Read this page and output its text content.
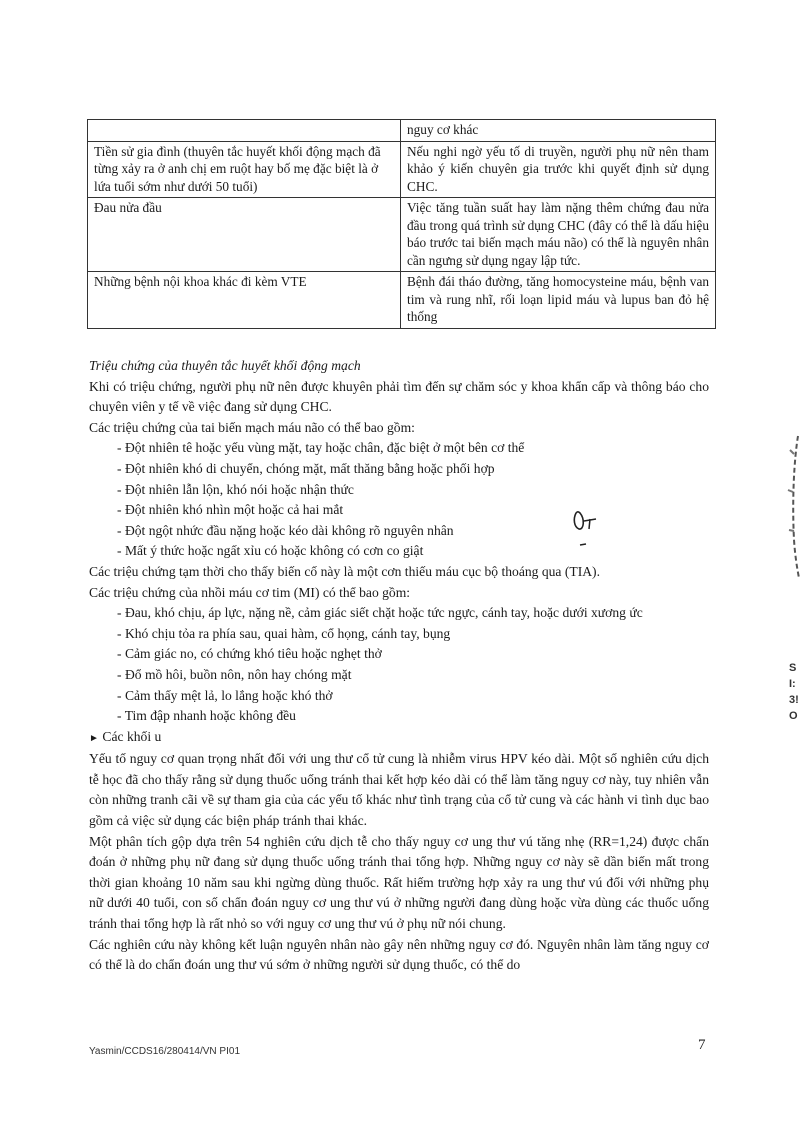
	nguy cơ khác
Tiền sử gia đình (thuyên tắc huyết khối động mạch đã từng xảy ra ở anh chị em ruột hay bố mẹ đặc biệt là ở lứa tuổi sớm như dưới 50 tuổi)	Nếu nghi ngờ yếu tố di truyền, người phụ nữ nên tham khảo ý kiến chuyên gia trước khi quyết định sử dụng CHC.
Đau nửa đầu	Việc tăng tuần suất hay làm nặng thêm chứng đau nửa đầu trong quá trình sử dụng CHC (đây có thể là dấu hiệu báo trước tai biến mạch máu não) có thể là nguyên nhân cần ngưng sử dụng ngay lập tức.
Những bệnh nội khoa khác đi kèm VTE	Bệnh đái tháo đường, tăng homocysteine máu, bệnh van tim và rung nhĩ, rối loạn lipid máu và lupus ban đỏ hệ thống

Triệu chứng của thuyên tắc huyết khối động mạch

Khi có triệu chứng, người phụ nữ nên được khuyên phải tìm đến sự chăm sóc y khoa khẩn cấp và thông báo cho chuyên viên y tế về việc đang sử dụng CHC.

Các triệu chứng của tai biến mạch máu não có thể bao gồm:

- Đột nhiên tê hoặc yếu vùng mặt, tay hoặc chân, đặc biệt ở một bên cơ thể
- Đột nhiên khó di chuyển, chóng mặt, mất thăng bằng hoặc phối hợp
- Đột nhiên lẫn lộn, khó nói hoặc nhận thức
- Đột nhiên khó nhìn một hoặc cả hai mắt
- Đột ngột nhức đầu nặng hoặc kéo dài không rõ nguyên nhân
- Mất ý thức hoặc ngất xỉu có hoặc không có cơn co giật

Các triệu chứng tạm thời cho thấy biến cố này là một cơn thiếu máu cục bộ thoáng qua (TIA).

Các triệu chứng của nhồi máu cơ tim (MI) có thể bao gồm:

- Đau, khó chịu, áp lực, nặng nề, cảm giác siết chặt hoặc tức ngực, cánh tay, hoặc dưới xương ức
- Khó chịu tỏa ra phía sau, quai hàm, cổ họng, cánh tay, bụng
- Cảm giác no, có chứng khó tiêu hoặc nghẹt thở
- Đổ mồ hôi, buồn nôn, nôn hay chóng mặt
- Cảm thấy mệt lả, lo lắng hoặc khó thở
- Tim đập nhanh hoặc không đều

► Các khối u

Yếu tố nguy cơ quan trọng nhất đối với ung thư cổ tử cung là nhiễm virus HPV kéo dài. Một số nghiên cứu dịch tễ học đã cho thấy rằng sử dụng thuốc uống tránh thai kết hợp kéo dài có thể làm tăng nguy cơ này, tuy nhiên vẫn còn những tranh cãi về sự tham gia của các yếu tố khác như tình trạng của cổ tử cung và các hành vi tình dục bao gồm cả việc sử dụng các biện pháp tránh thai khác.

Một phân tích gộp dựa trên 54 nghiên cứu dịch tễ cho thấy nguy cơ ung thư vú tăng nhẹ (RR=1,24) được chẩn đoán ở những phụ nữ đang sử dụng thuốc uống tránh thai tổng hợp. Những nguy cơ này sẽ dần biến mất trong thời gian khoảng 10 năm sau khi ngừng dùng thuốc. Rất hiếm trường hợp xảy ra ung thư vú đối với những phụ nữ dưới 40 tuổi, con số chẩn đoán nguy cơ ung thư vú ở những người đang dùng hoặc vừa dùng các thuốc uống tránh thai tổng hợp là rất nhỏ so với nguy cơ ung thư vú ở phụ nữ nói chung.

Các nghiên cứu này không kết luận nguyên nhân nào gây nên những nguy cơ đó. Nguyên nhân làm tăng nguy cơ có thể là do chẩn đoán ung thư vú sớm ở những người sử dụng thuốc, có thể do

S
I:
3!
O
Yasmin/CCDS16/280414/VN PI01	7
